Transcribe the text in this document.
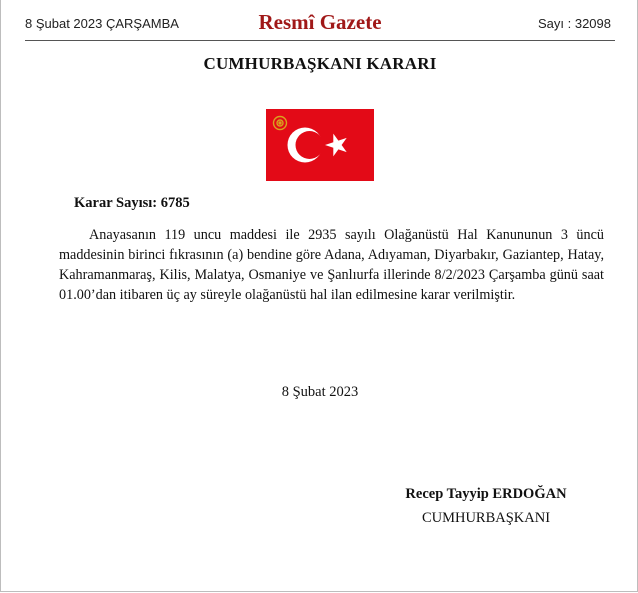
8 Şubat 2023 ÇARŞAMBA	Resmî Gazete	Sayı : 32098
CUMHURBAŞKANI KARARI
Karar Sayısı: 6785

Anayasanın 119 uncu maddesi ile 2935 sayılı Olağanüstü Hal Kanununun 3 üncü maddesinin birinci fıkrasının (a) bendine göre Adana, Adıyaman, Diyarbakır, Gaziantep, Hatay, Kahramanmaraş, Kilis, Malatya, Osmaniye ve Şanlıurfa illerinde 8/2/2023 Çarşamba günü saat 01.00’dan itibaren üç ay süreyle olağanüstü hal ilan edilmesine karar verilmiştir.

8 Şubat 2023
Recep Tayyip ERDOĞAN
CUMHURBAŞKANI
